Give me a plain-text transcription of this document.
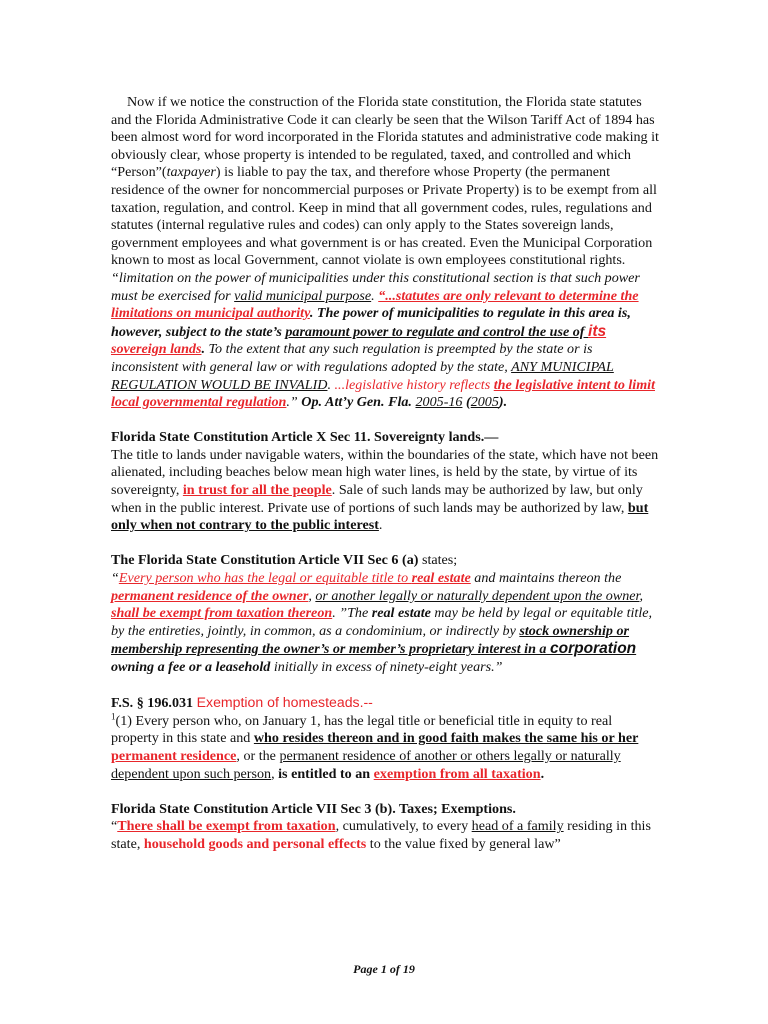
Now if we notice the construction of the Florida state constitution, the Florida state statutes and the Florida Administrative Code it can clearly be seen that the Wilson Tariff Act of 1894 has been almost word for word incorporated in the Florida statutes and administrative code making it obviously clear, whose property is intended to be regulated, taxed, and controlled and which “Person”(taxpayer) is liable to pay the tax, and therefore whose Property (the permanent residence of the owner for noncommercial purposes or Private Property) is to be exempt from all taxation, regulation, and control. Keep in mind that all government codes, rules, regulations and statutes (internal regulative rules and codes) can only apply to the States sovereign lands, government employees and what government is or has created. Even the Municipal Corporation known to most as local Government, cannot violate is own employees constitutional rights. “limitation on the power of municipalities under this constitutional section is that such power must be exercised for valid municipal purpose. “...statutes are only relevant to determine the limitations on municipal authority. The power of municipalities to regulate in this area is, however, subject to the state’s paramount power to regulate and control the use of its sovereign lands. To the extent that any such regulation is preempted by the state or is inconsistent with general law or with regulations adopted by the state, ANY MUNICIPAL REGULATION WOULD BE INVALID. ...legislative history reflects the legislative intent to limit local governmental regulation.” Op. Att’y Gen. Fla. 2005-16 (2005).

Florida State Constitution Article X Sec 11. Sovereignty lands.—

The title to lands under navigable waters, within the boundaries of the state, which have not been alienated, including beaches below mean high water lines, is held by the state, by virtue of its sovereignty, in trust for all the people. Sale of such lands may be authorized by law, but only when in the public interest. Private use of portions of such lands may be authorized by law, but only when not contrary to the public interest.

The Florida State Constitution Article VII Sec 6 (a) states;

“Every person who has the legal or equitable title to real estate and maintains thereon the permanent residence of the owner, or another legally or naturally dependent upon the owner, shall be exempt from taxation thereon. ”The real estate may be held by legal or equitable title, by the entireties, jointly, in common, as a condominium, or indirectly by stock ownership or membership representing the owner’s or member’s proprietary interest in a corporation owning a fee or a leasehold initially in excess of ninety-eight years.”

F.S. § 196.031 Exemption of homesteads.--

$^1$(1) Every person who, on January 1, has the legal title or beneficial title in equity to real property in this state and who resides thereon and in good faith makes the same his or her permanent residence, or the permanent residence of another or others legally or naturally dependent upon such person, is entitled to an exemption from all taxation.

Florida State Constitution Article VII Sec 3 (b). Taxes; Exemptions.

“There shall be exempt from taxation, cumulatively, to every head of a family residing in this state, household goods and personal effects to the value fixed by general law”

Page 1 of 19
